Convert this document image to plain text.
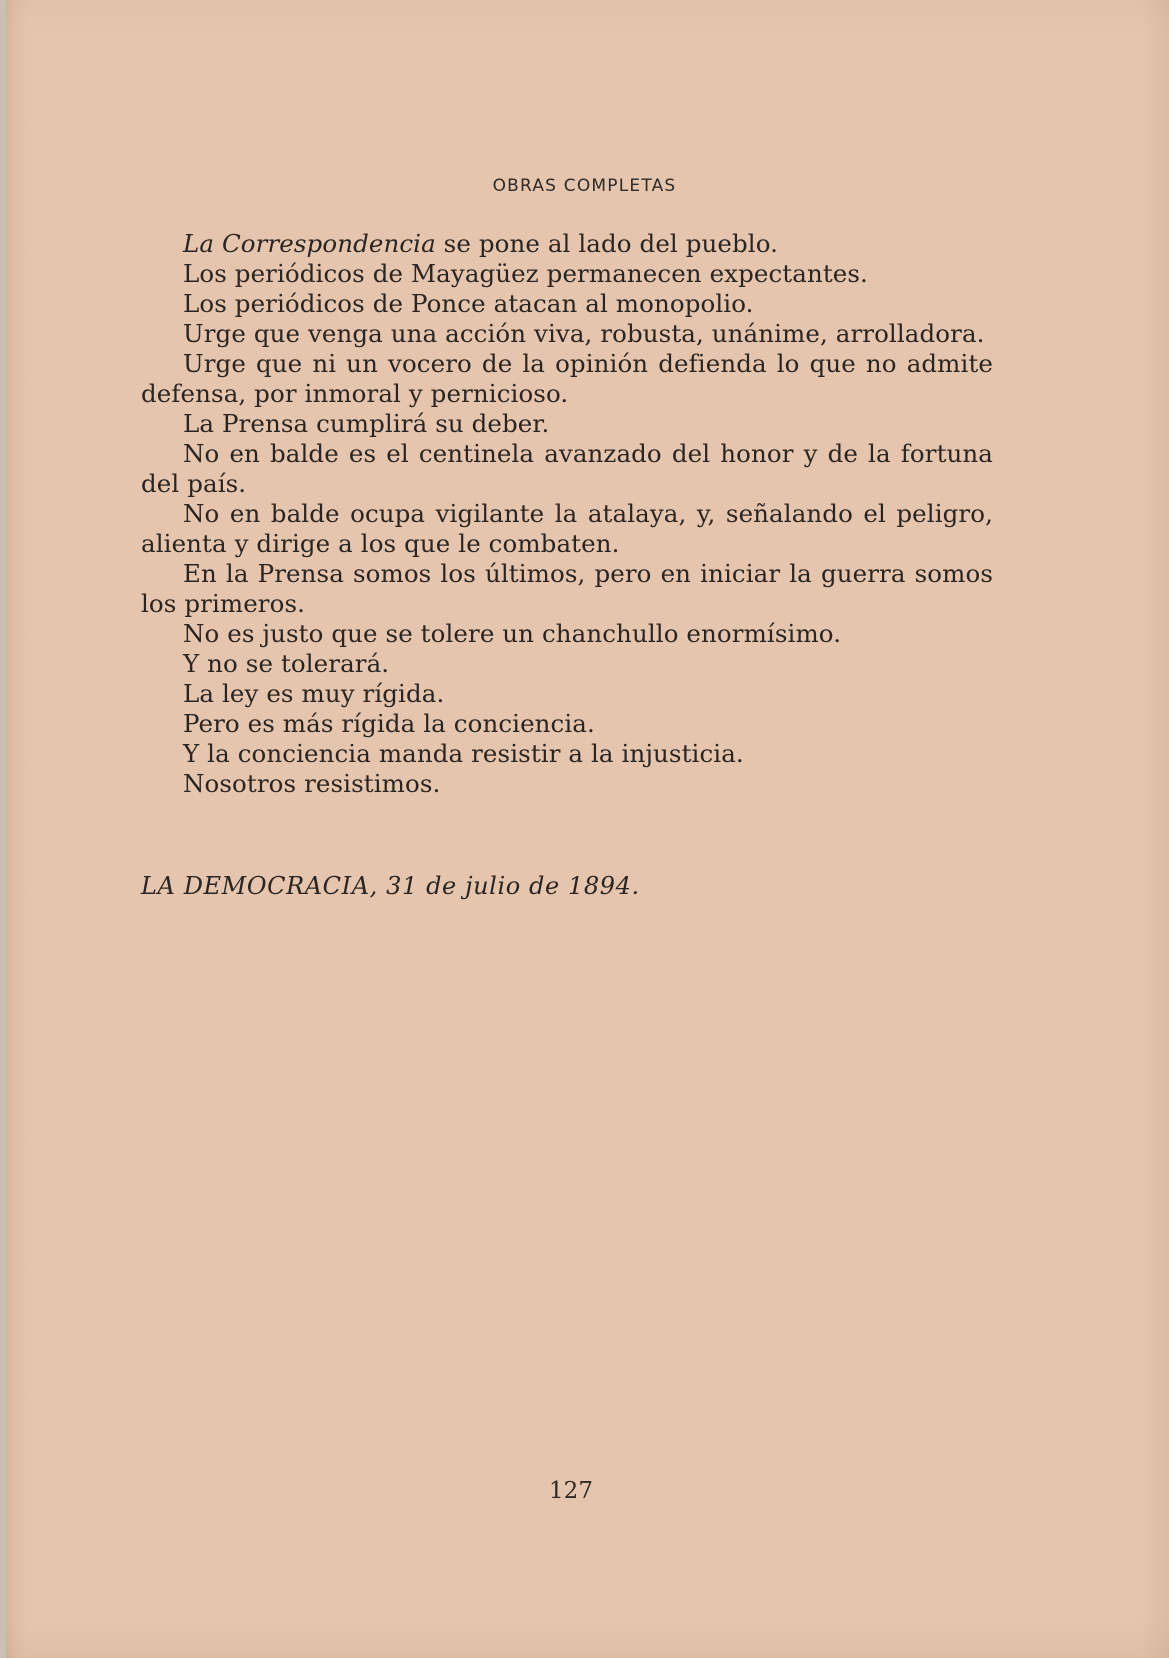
OBRAS COMPLETAS

La Correspondencia se pone al lado del pueblo.

Los periódicos de Mayagüez permanecen expectantes.

Los periódicos de Ponce atacan al monopolio.

Urge que venga una acción viva, robusta, unánime, arrolladora.

Urge que ni un vocero de la opinión defienda lo que no admite defensa, por inmoral y pernicioso.

La Prensa cumplirá su deber.

No en balde es el centinela avanzado del honor y de la fortuna del país.

No en balde ocupa vigilante la atalaya, y, señalando el peligro, alienta y dirige a los que le combaten.

En la Prensa somos los últimos, pero en iniciar la guerra somos los primeros.

No es justo que se tolere un chanchullo enormísimo.

Y no se tolerará.

La ley es muy rígida.

Pero es más rígida la conciencia.

Y la conciencia manda resistir a la injusticia.

Nosotros resistimos.

LA DEMOCRACIA, 31 de julio de 1894.
127
